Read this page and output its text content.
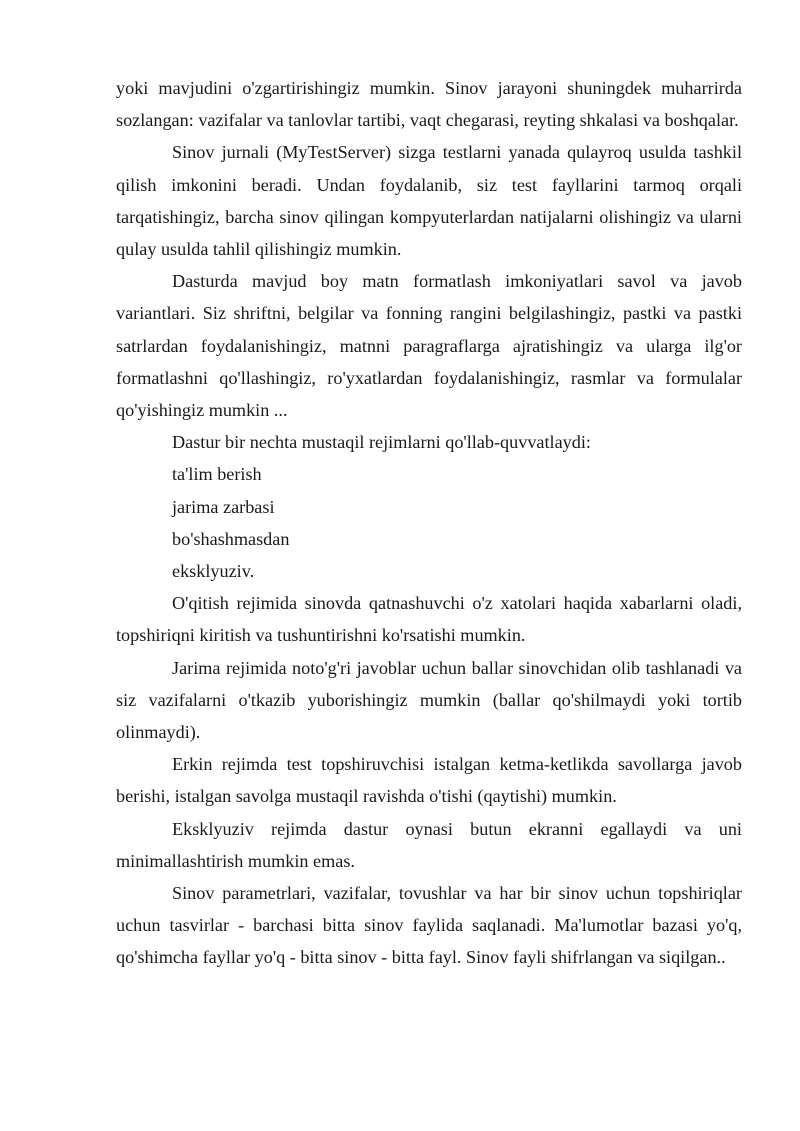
yoki mavjudini o'zgartirishingiz mumkin. Sinov jarayoni shuningdek muharrirda sozlangan: vazifalar va tanlovlar tartibi, vaqt chegarasi, reyting shkalasi va boshqalar.

Sinov jurnali (MyTestServer) sizga testlarni yanada qulayroq usulda tashkil qilish imkonini beradi. Undan foydalanib, siz test fayllarini tarmoq orqali tarqatishingiz, barcha sinov qilingan kompyuterlardan natijalarni olishingiz va ularni qulay usulda tahlil qilishingiz mumkin.

Dasturda mavjud boy matn formatlash imkoniyatlari savol va javob variantlari. Siz shriftni, belgilar va fonning rangini belgilashingiz, pastki va pastki satrlardan foydalanishingiz, matnni paragraflarga ajratishingiz va ularga ilg'or formatlashni qo'llashingiz, ro'yxatlardan foydalanishingiz, rasmlar va formulalar qo'yishingiz mumkin ...

Dastur bir nechta mustaqil rejimlarni qo'llab-quvvatlaydi:

ta'lim berish

jarima zarbasi

bo'shashmasdan

eksklyuziv.

O'qitish rejimida sinovda qatnashuvchi o'z xatolari haqida xabarlarni oladi, topshiriqni kiritish va tushuntirishni ko'rsatishi mumkin.

Jarima rejimida noto'g'ri javoblar uchun ballar sinovchidan olib tashlanadi va siz vazifalarni o'tkazib yuborishingiz mumkin (ballar qo'shilmaydi yoki tortib olinmaydi).

Erkin rejimda test topshiruvchisi istalgan ketma-ketlikda savollarga javob berishi, istalgan savolga mustaqil ravishda o'tishi (qaytishi) mumkin.

Eksklyuziv rejimda dastur oynasi butun ekranni egallaydi va uni minimallashtirish mumkin emas.

Sinov parametrlari, vazifalar, tovushlar va har bir sinov uchun topshiriqlar uchun tasvirlar - barchasi bitta sinov faylida saqlanadi. Ma'lumotlar bazasi yo'q, qo'shimcha fayllar yo'q - bitta sinov - bitta fayl. Sinov fayli shifrlangan va siqilgan..
